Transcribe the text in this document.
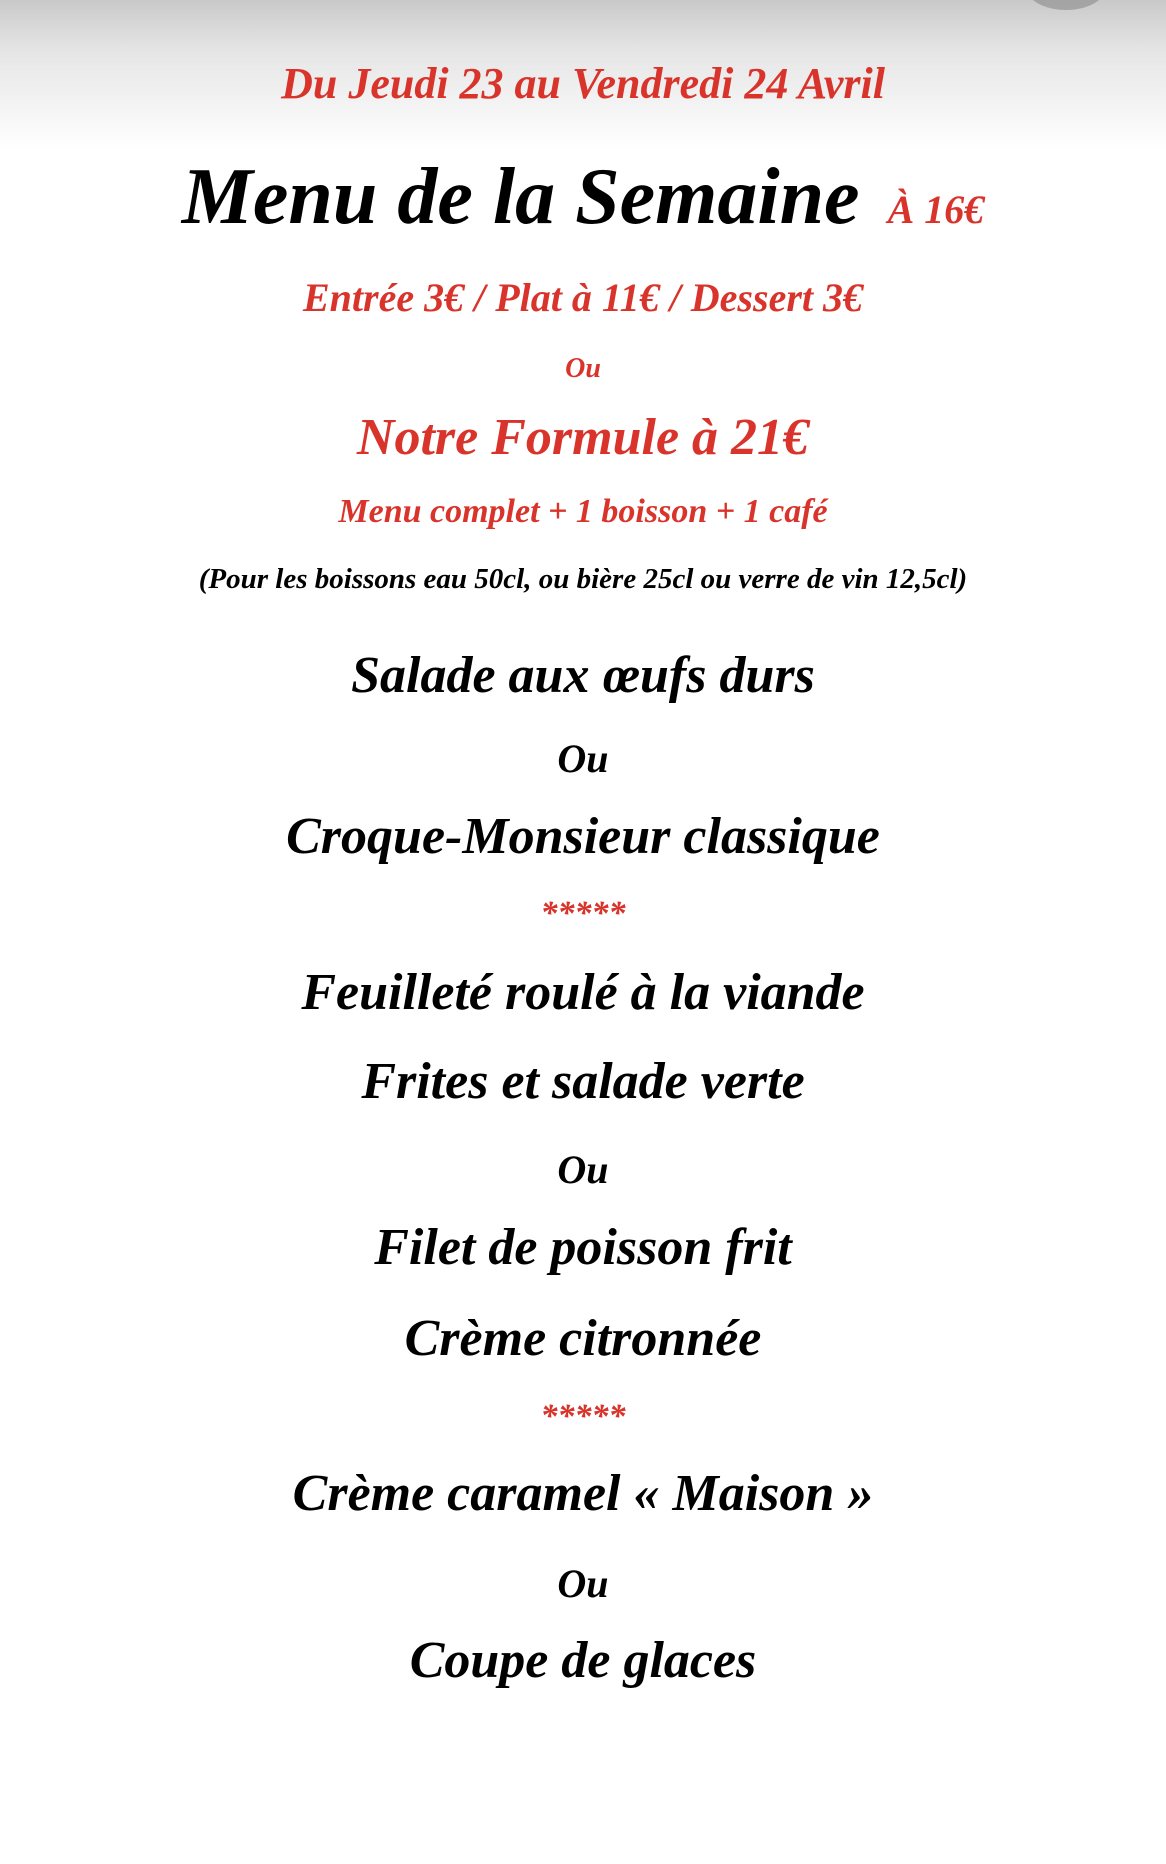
Du Jeudi 23 au Vendredi 24 Avril
Menu de la Semaine À 16€
Entrée 3€ / Plat à 11€ / Dessert 3€
Ou
Notre Formule à 21€
Menu complet + 1 boisson + 1 café
(Pour les boissons eau 50cl, ou bière 25cl ou verre de vin 12,5cl)
Salade aux œufs durs
Ou
Croque-Monsieur classique
*****
Feuilleté roulé à la viande
Frites et salade verte
Ou
Filet de poisson frit
Crème citronnée
*****
Crème caramel « Maison »
Ou
Coupe de glaces
